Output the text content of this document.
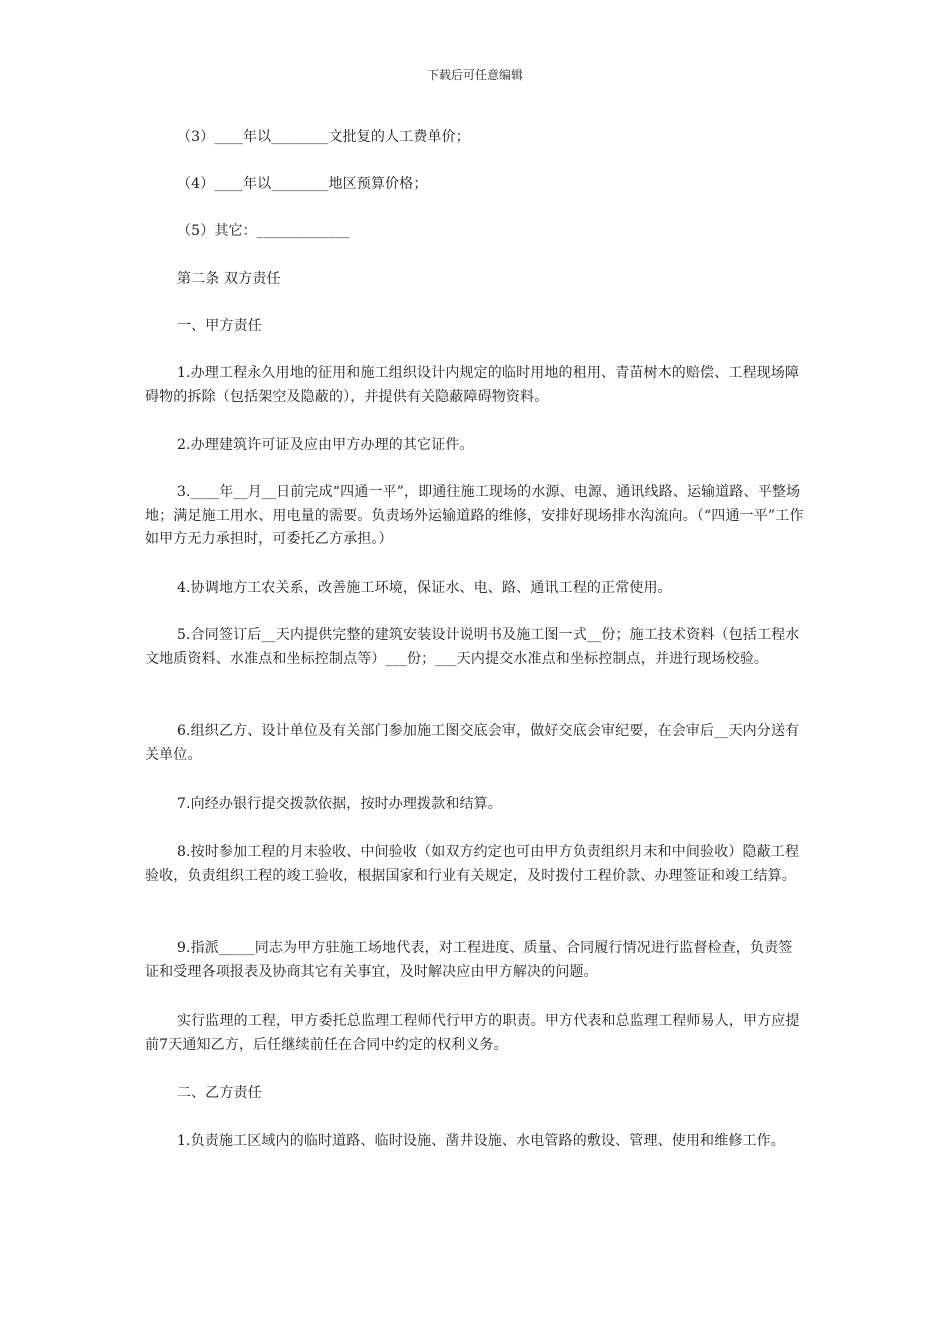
下载后可任意编辑

（3）____年以________文批复的人工费单价；

（4）____年以________地区预算价格；

（5）其它：_____________

第二条 双方责任

一、甲方责任

1.办理工程永久用地的征用和施工组织设计内规定的临时用地的租用、青苗树木的赔偿、工程现场障碍物的拆除（包括架空及隐蔽的），并提供有关隐蔽障碍物资料。

2.办理建筑许可证及应由甲方办理的其它证件。

3.____年__月__日前完成“四通一平”，即通往施工现场的水源、电源、通讯线路、运输道路、平整场地；满足施工用水、用电量的需要。负责场外运输道路的维修，安排好现场排水沟流向。（“四通一平”工作如甲方无力承担时，可委托乙方承担。）

4.协调地方工农关系，改善施工环境，保证水、电、路、通讯工程的正常使用。

5.合同签订后__天内提供完整的建筑安装设计说明书及施工图一式__份；施工技术资料（包括工程水文地质资料、水准点和坐标控制点等）___份；___天内提交水准点和坐标控制点，并进行现场校验。

6.组织乙方、设计单位及有关部门参加施工图交底会审，做好交底会审纪要，在会审后__天内分送有关单位。

7.向经办银行提交拨款依据，按时办理拨款和结算。

8.按时参加工程的月末验收、中间验收（如双方约定也可由甲方负责组织月末和中间验收）隐蔽工程验收，负责组织工程的竣工验收，根据国家和行业有关规定，及时拨付工程价款、办理签证和竣工结算。

9.指派_____同志为甲方驻施工场地代表，对工程进度、质量、合同履行情况进行监督检查，负责签证和受理各项报表及协商其它有关事宜，及时解决应由甲方解决的问题。

实行监理的工程，甲方委托总监理工程师代行甲方的职责。甲方代表和总监理工程师易人，甲方应提前7天通知乙方，后任继续前任在合同中约定的权利义务。

二、乙方责任

1.负责施工区域内的临时道路、临时设施、凿井设施、水电管路的敷设、管理、使用和维修工作。
